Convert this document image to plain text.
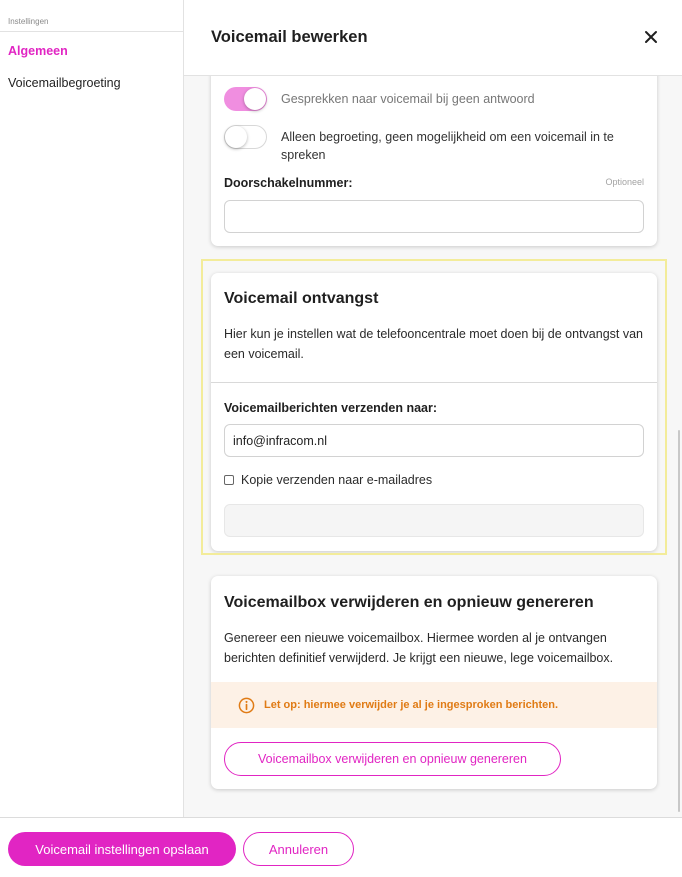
Instellingen
Algemeen
Voicemailbegroeting
Voicemail bewerken
Gesprekken naar voicemail bij geen antwoord
Alleen begroeting, geen mogelijkheid om een voicemail in te spreken
Doorschakelnummer:	Optioneel
Voicemail ontvangst
Hier kun je instellen wat de telefooncentrale moet doen bij de ontvangst van een voicemail.
Voicemailberichten verzenden naar:
info@infracom.nl
Kopie verzenden naar e-mailadres
Voicemailbox verwijderen en opnieuw genereren
Genereer een nieuwe voicemailbox. Hiermee worden al je ontvangen berichten definitief verwijderd. Je krijgt een nieuwe, lege voicemailbox.
Let op: hiermee verwijder je al je ingesproken berichten.
Voicemailbox verwijderen en opnieuw genereren
Voicemail instellingen opslaan	Annuleren
